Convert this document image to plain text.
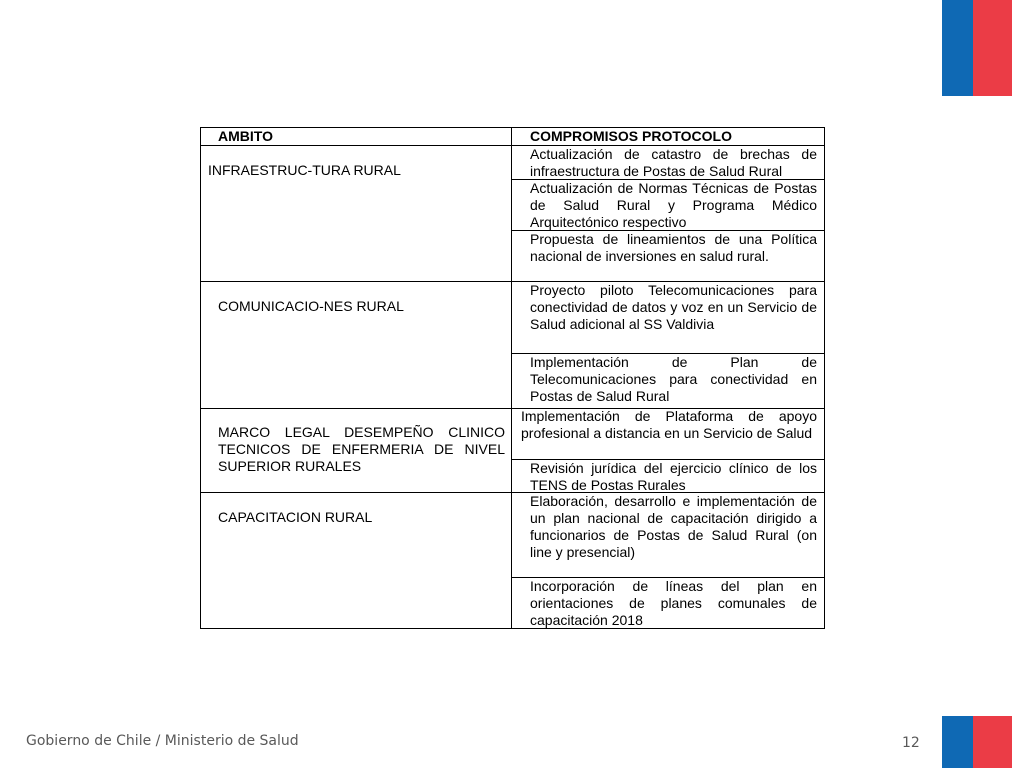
AMBITO	COMPROMISOS PROTOCOLO
INFRAESTRUC-TURA RURAL
Actualización de catastro de brechas de infraestructura de Postas de Salud Rural
Actualización de Normas Técnicas de Postas de Salud Rural y Programa Médico Arquitectónico respectivo
Propuesta de lineamientos de una Política nacional de inversiones en salud rural.
COMUNICACIO-NES RURAL
Proyecto piloto Telecomunicaciones para conectividad de datos y voz en un Servicio de Salud adicional al SS Valdivia
Implementación de Plan de Telecomunicaciones para conectividad en Postas de Salud Rural
MARCO LEGAL DESEMPEÑO CLINICO TECNICOS DE ENFERMERIA DE NIVEL SUPERIOR RURALES
Implementación de Plataforma de apoyo profesional a distancia en un Servicio de Salud
Revisión jurídica del ejercicio clínico de los TENS de Postas Rurales
CAPACITACION RURAL
Elaboración, desarrollo e implementación de un plan nacional de capacitación dirigido a funcionarios de Postas de Salud Rural (on line y presencial)
Incorporación de líneas del plan en orientaciones de planes comunales de capacitación 2018
Gobierno de Chile / Ministerio de Salud	12
